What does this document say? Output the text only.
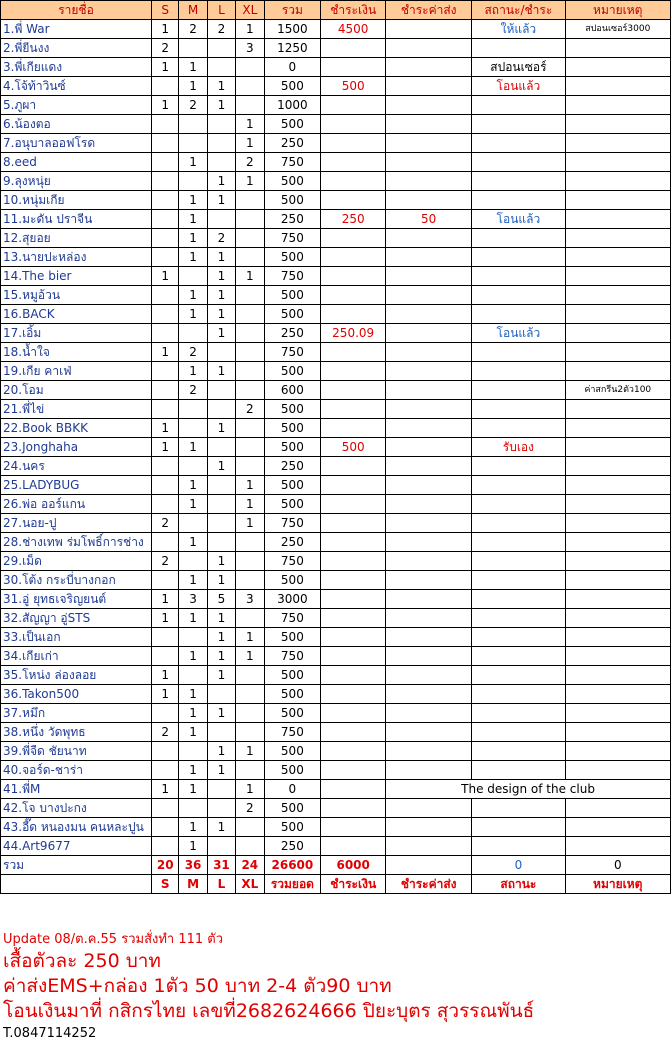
รายชื่อ	S	M	L	XL	รวม	ชำระเงิน	ชำระค่าส่ง	สถานะ/ชำระ	หมายเหตุ
1.พี่ War	1	2	2	1	1500	4500		ให้แล้ว	สปอนเซอร์3000
2.พี่ยีนงง	2			3	1250				
3.พี่เกียแดง	1	1			0			สปอนเซอร์	
4.โจ้ท้าวินซ์		1	1		500	500		โอนแล้ว	
5.ภูผา	1	2	1		1000				
6.น้องตอ				1	500				
7.อนุบาลออฟโรด				1	250				
8.eed		1		2	750				
9.ลุงหนุ่ย			1	1	500				
10.หนุ่มเกีย		1	1		500				
11.มะดัน ปราจีน		1			250	250	50	โอนแล้ว	
12.สุยอย		1	2		750				
13.นายปะหล่อง		1	1		500				
14.The bier	1		1	1	750				
15.หมูอ้วน		1	1		500				
16.BACK		1	1		500				
17.เอิ้ม			1		250	250.09		โอนแล้ว	
18.น้ำใจ	1	2			750				
19.เกีย คาเฟ่		1	1		500				
20.โอม		2			600				ค่าสกรีน2ตัว100
21.พี่ไข่				2	500				
22.Book BBKK	1		1		500				
23.Jonghaha	1	1			500	500		รับเอง	
24.นคร			1		250				
25.LADYBUG		1		1	500				
26.พ่อ ออร์แกน		1		1	500				
27.นอย-ปู	2			1	750				
28.ช่างเทพ ร่มโพธิ์การช่าง		1			250				
29.เม็ด	2		1		750				
30.โต้ง กระบี่บางกอก		1	1		500				
31.อู่ ยุทธเจริญยนต์	1	3	5	3	3000				
32.สัญญา อู่STS	1	1	1		750				
33.เป็นเอก			1	1	500				
34.เกียเก่า		1	1	1	750				
35.โหน่ง ล่องลอย	1		1		500				
36.Takon500	1	1			500				
37.หมึก		1	1		500				
38.หนึ่ง วัดพุทธ	2	1			750				
39.พี่จืด ชัยนาท			1	1	500				
40.จอร์ด-ชาร่า		1	1		500				
41.พี่M	1	1		1	0		The design of the club		
42.โจ บางปะกง				2	500				
43.อี๊ด หนองมน คนหละปูน		1	1		500				
44.Art9677		1			250				
รวม	20	36	31	24	26600	6000		0	0
	S	M	L	XL	รวมยอด	ชำระเงิน	ชำระค่าส่ง	สถานะ	หมายเหตุ
Update 08/ต.ค.55 รวมสั่งทำ 111 ตัว
เสื้อตัวละ 250 บาท
ค่าส่งEMS+กล่อง 1ตัว 50 บาท 2-4 ตัว90 บาท
โอนเงินมาที่ กสิกรไทย เลขที่2682624666 ปิยะบุตร สุวรรณพันธ์
T.0847114252
